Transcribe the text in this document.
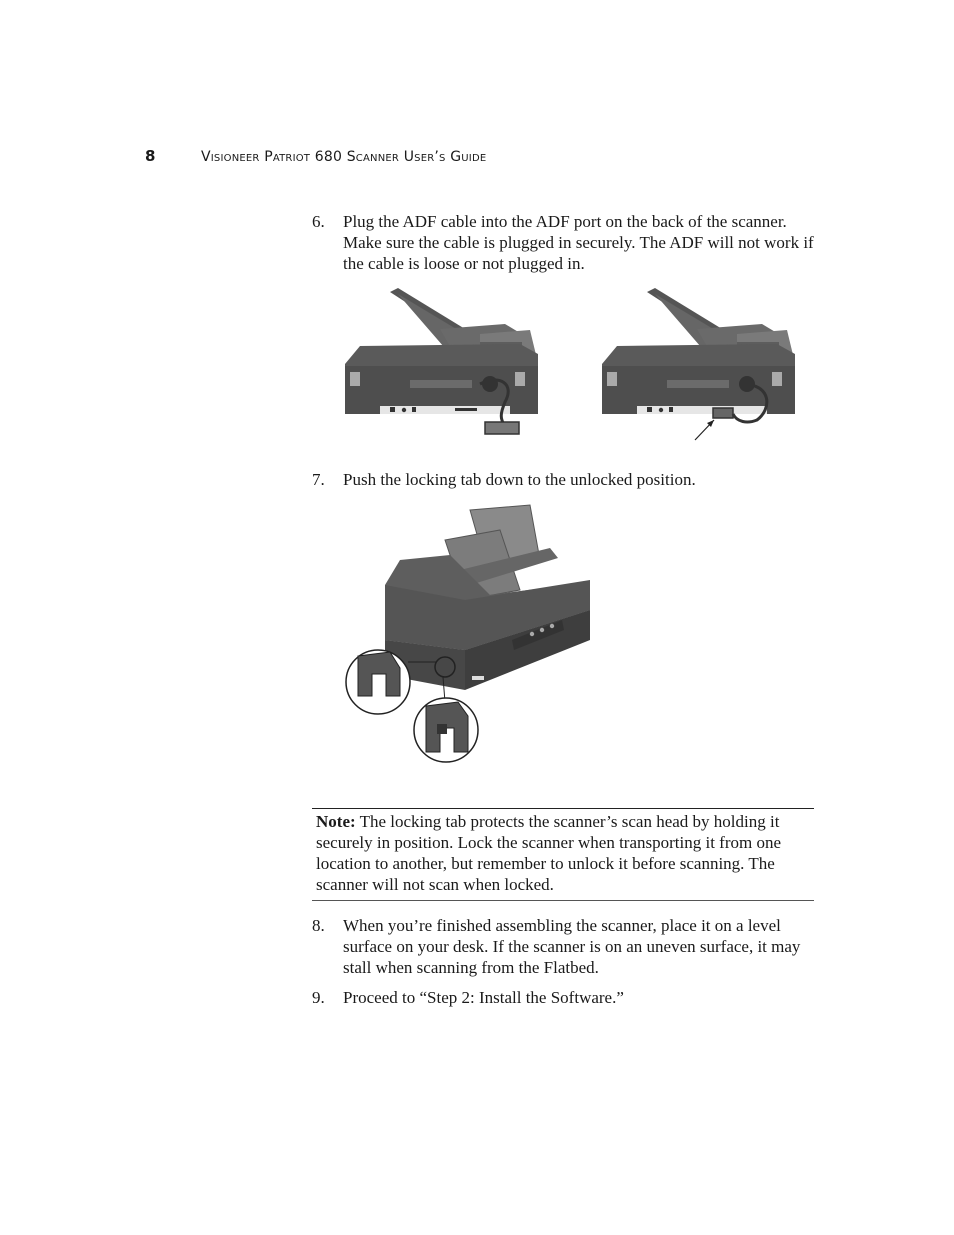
8	Visioneer Patriot 680 Scanner User’s Guide
6. Plug the ADF cable into the ADF port on the back of the scanner. Make sure the cable is plugged in securely. The ADF will not work if the cable is loose or not plugged in.
7. Push the locking tab down to the unlocked position.
Note: The locking tab protects the scanner’s scan head by holding it securely in position. Lock the scanner when transporting it from one location to another, but remember to unlock it before scanning. The scanner will not scan when locked.
8. When you’re finished assembling the scanner, place it on a level surface on your desk. If the scanner is on an uneven surface, it may stall when scanning from the Flatbed.
9. Proceed to “Step 2: Install the Software.”
